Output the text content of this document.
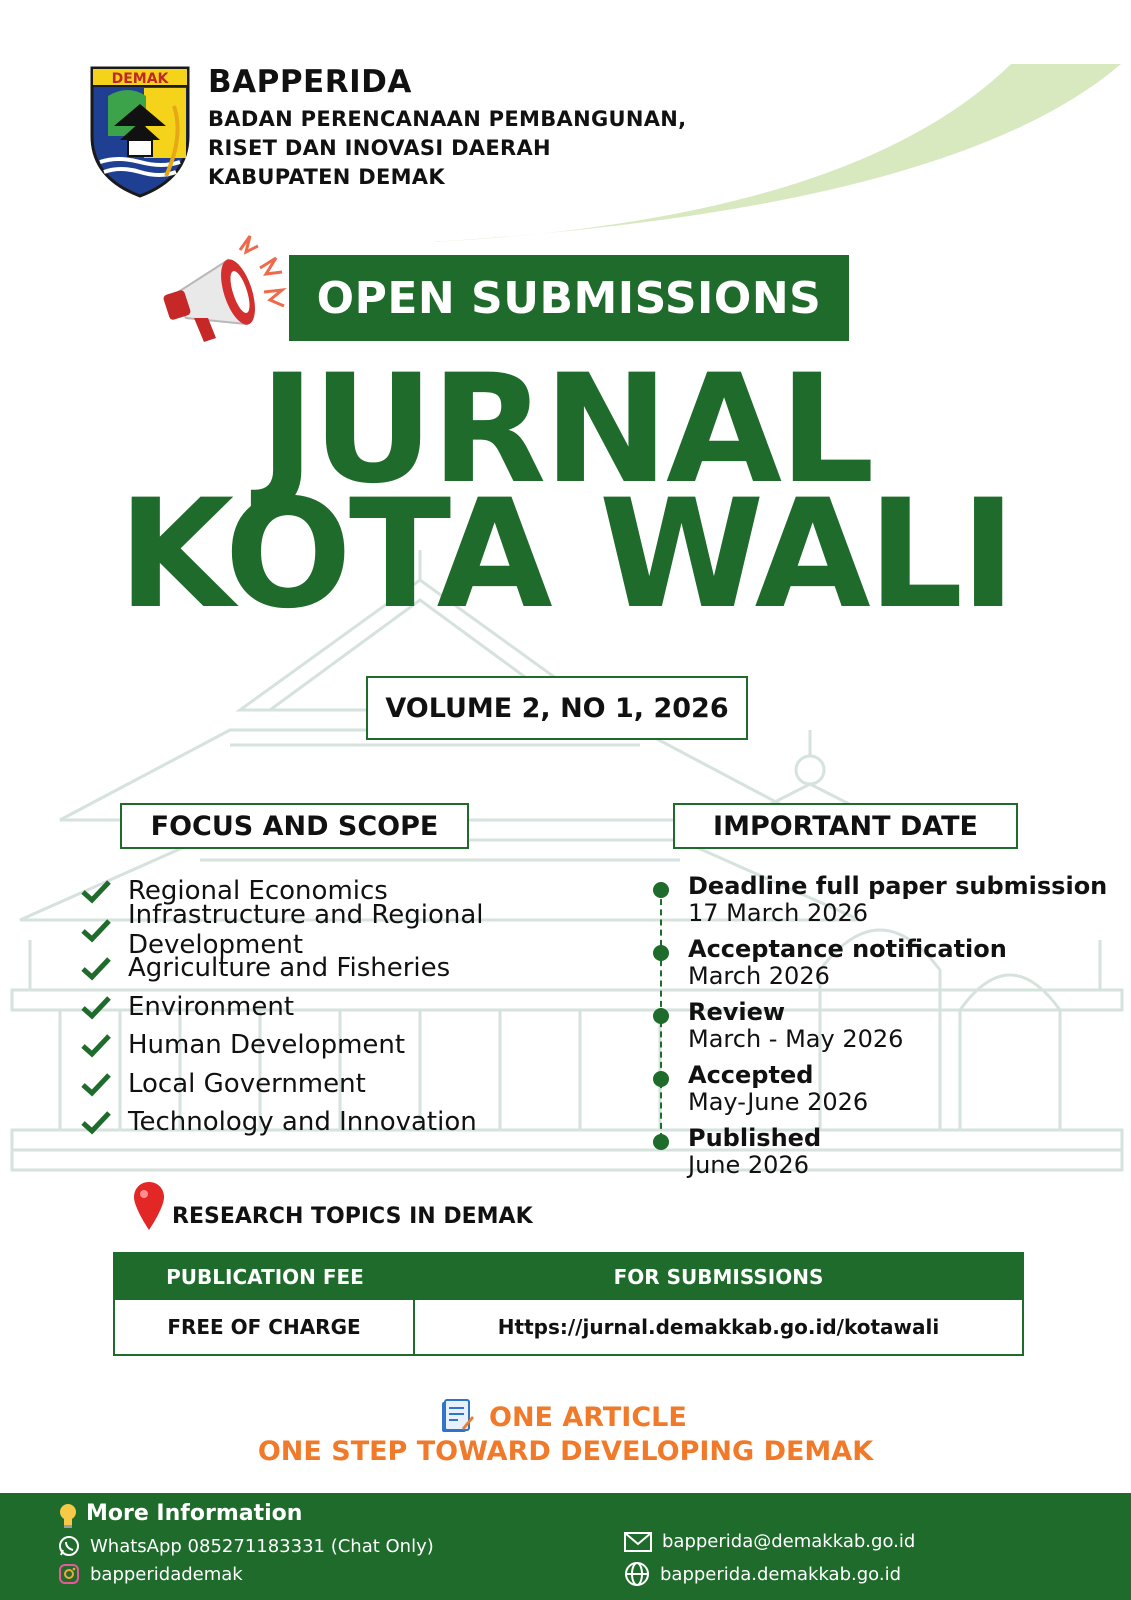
DEMAK BAPPERIDA
BADAN PERENCANAAN PEMBANGUNAN,
RISET DAN INOVASI DAERAH
KABUPATEN DEMAK
OPEN SUBMISSIONS
JURNAL
KOTA WALI
VOLUME 2, NO 1, 2026
FOCUS AND SCOPE
Regional Economics
Infrastructure and Regional Development
Agriculture and Fisheries
Environment
Human Development
Local Government
Technology and Innovation
IMPORTANT DATE
Deadline full paper submission
17 March 2026
Acceptance notification
March 2026
Review
March - May 2026
Accepted
May-June 2026
Published
June 2026
RESEARCH TOPICS IN DEMAK
PUBLICATION FEE	FOR SUBMISSIONS
FREE OF CHARGE	Https://jurnal.demakkab.go.id/kotawali
ONE ARTICLE
ONE STEP TOWARD DEVELOPING DEMAK
More Information
WhatsApp 085271183331 (Chat Only)
bapperidademak
bapperida@demakkab.go.id
bapperida.demakkab.go.id
